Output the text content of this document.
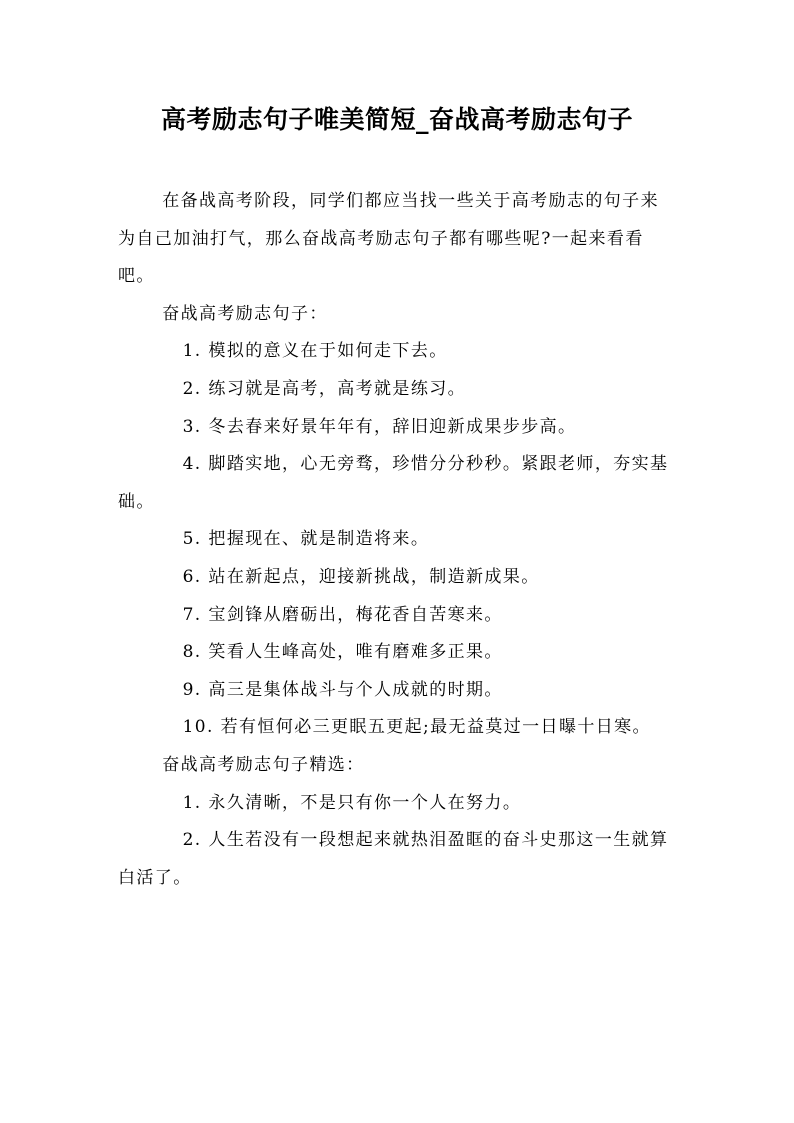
高考励志句子唯美简短_奋战高考励志句子

在备战高考阶段，同学们都应当找一些关于高考励志的句子来为自己加油打气，那么奋战高考励志句子都有哪些呢?一起来看看吧。

奋战高考励志句子：

1. 模拟的意义在于如何走下去。

2. 练习就是高考，高考就是练习。

3. 冬去春来好景年年有，辞旧迎新成果步步高。

4. 脚踏实地，心无旁骛，珍惜分分秒秒。紧跟老师，夯实基础。

5. 把握现在、就是制造将来。

6. 站在新起点，迎接新挑战，制造新成果。

7. 宝剑锋从磨砺出，梅花香自苦寒来。

8. 笑看人生峰高处，唯有磨难多正果。

9. 高三是集体战斗与个人成就的时期。

10. 若有恒何必三更眠五更起;最无益莫过一日曝十日寒。

奋战高考励志句子精选：

1. 永久清晰，不是只有你一个人在努力。

2. 人生若没有一段想起来就热泪盈眶的奋斗史那这一生就算白活了。
